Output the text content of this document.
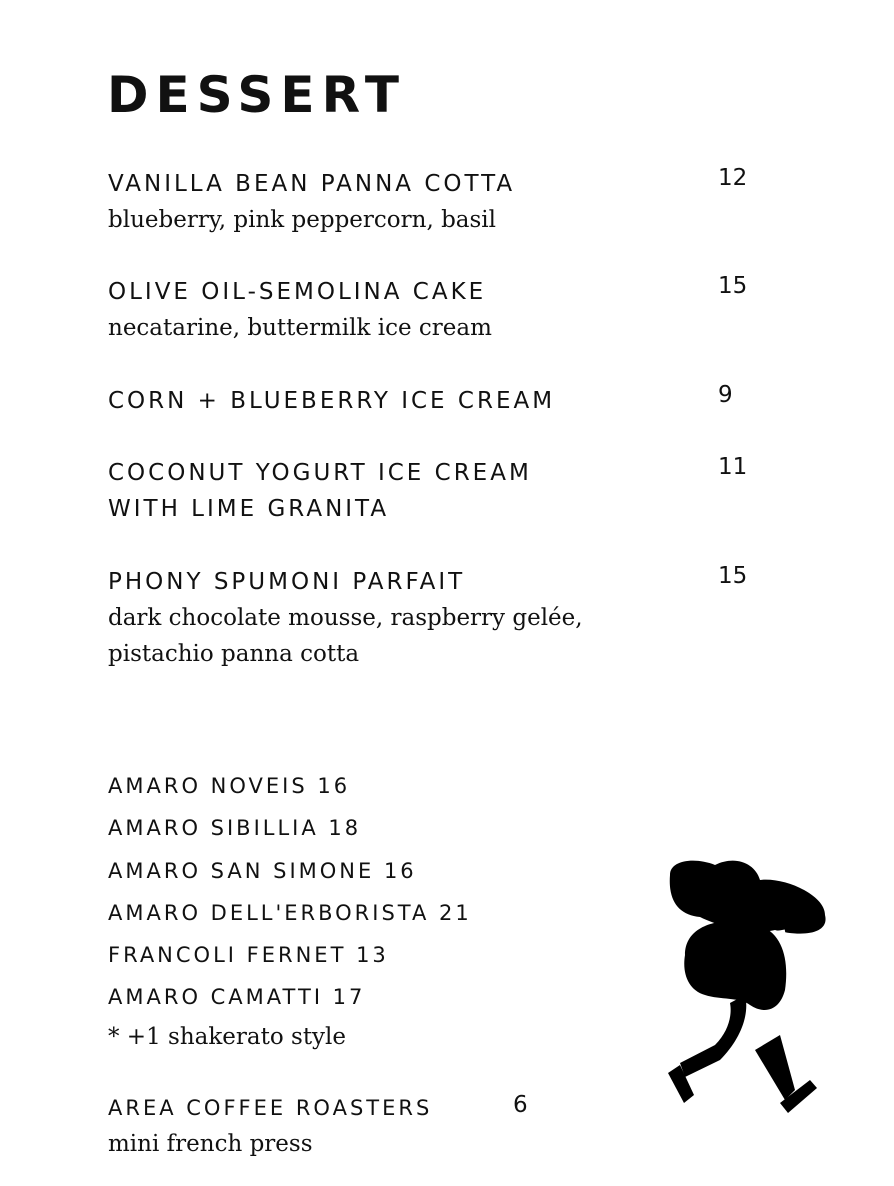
DESSERT
VANILLA BEAN PANNA COTTA
blueberry, pink peppercorn, basil
12
OLIVE OIL-SEMOLINA CAKE
necatarine, buttermilk ice cream
15
CORN + BLUEBERRY ICE CREAM	9
COCONUT YOGURT ICE CREAM
WITH LIME GRANITA
11
PHONY SPUMONI PARFAIT
dark chocolate mousse, raspberry gelée,
pistachio panna cotta
15
AMARO NOVEIS 16
AMARO SIBILLIA 18
AMARO SAN SIMONE 16
AMARO DELL'ERBORISTA 21
FRANCOLI FERNET 13
AMARO CAMATTI 17
* +1 shakerato style
AREA COFFEE ROASTERS
mini french press
6
